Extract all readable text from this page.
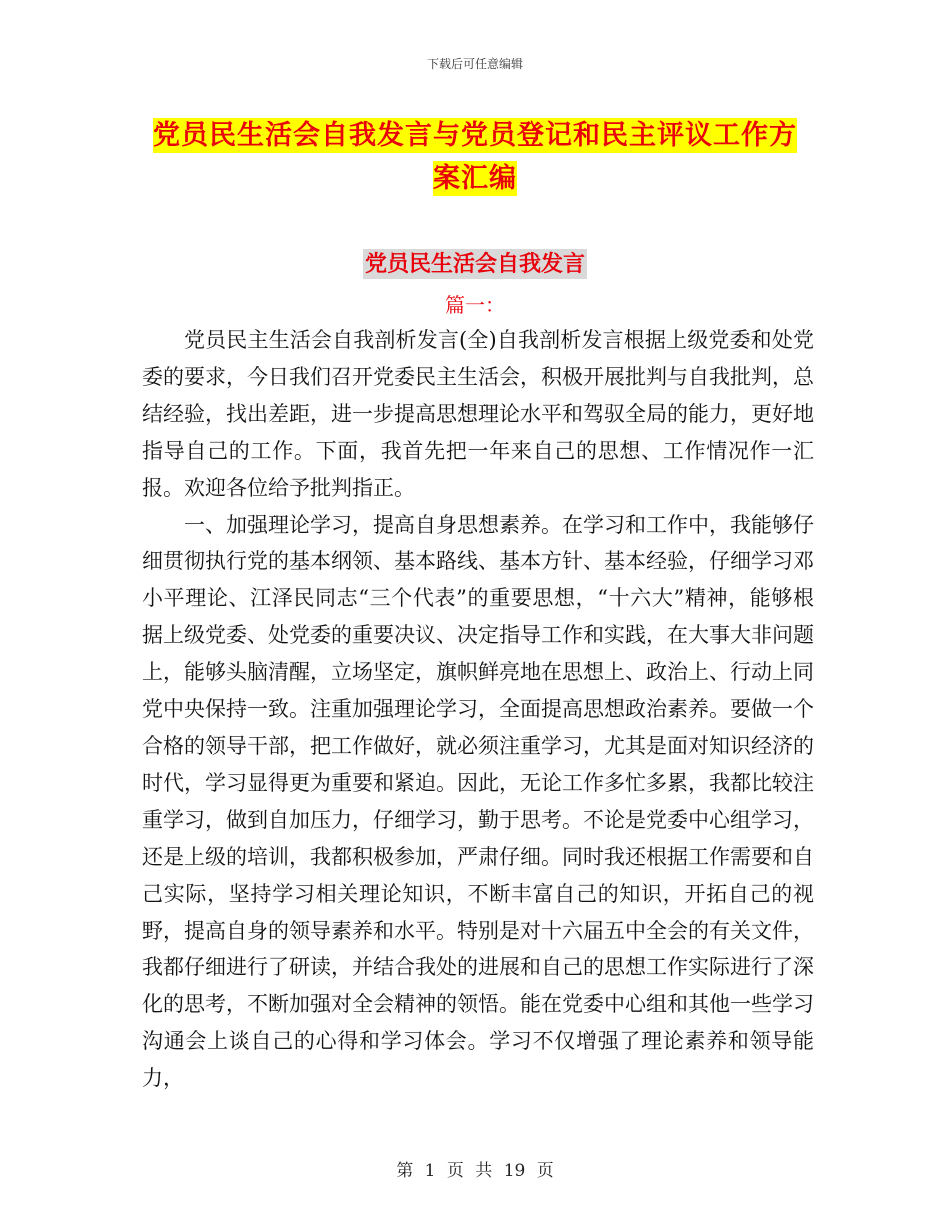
下载后可任意编辑
党员民生活会自我发言与党员登记和民主评议工作方
案汇编
党员民生活会自我发言
篇一：

党员民主生活会自我剖析发言(全)自我剖析发言根据上级党委和处党委的要求，今日我们召开党委民主生活会，积极开展批判与自我批判，总结经验，找出差距，进一步提高思想理论水平和驾驭全局的能力，更好地指导自己的工作。下面，我首先把一年来自己的思想、工作情况作一汇报。欢迎各位给予批判指正。

一、加强理论学习，提高自身思想素养。在学习和工作中，我能够仔细贯彻执行党的基本纲领、基本路线、基本方针、基本经验，仔细学习邓小平理论、江泽民同志“三个代表”的重要思想，“十六大”精神，能够根据上级党委、处党委的重要决议、决定指导工作和实践，在大事大非问题上，能够头脑清醒，立场坚定，旗帜鲜亮地在思想上、政治上、行动上同党中央保持一致。注重加强理论学习，全面提高思想政治素养。要做一个合格的领导干部，把工作做好，就必须注重学习，尤其是面对知识经济的时代，学习显得更为重要和紧迫。因此，无论工作多忙多累，我都比较注重学习，做到自加压力，仔细学习，勤于思考。不论是党委中心组学习，还是上级的培训，我都积极参加，严肃仔细。同时我还根据工作需要和自己实际，坚持学习相关理论知识，不断丰富自己的知识，开拓自己的视野，提高自身的领导素养和水平。特别是对十六届五中全会的有关文件，我都仔细进行了研读，并结合我处的进展和自己的思想工作实际进行了深化的思考，不断加强对全会精神的领悟。能在党委中心组和其他一些学习沟通会上谈自己的心得和学习体会。学习不仅增强了理论素养和领导能力，

第 1 页 共 19 页
